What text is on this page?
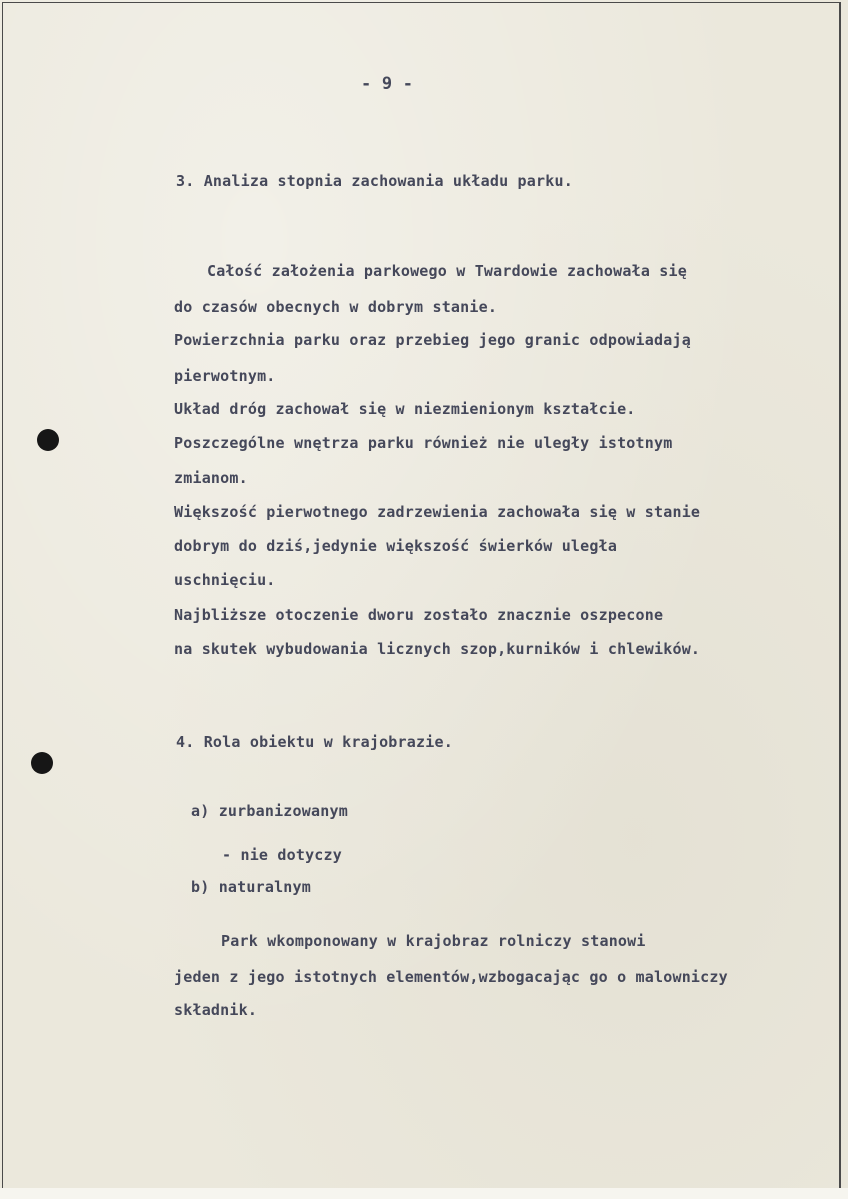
- 9 -
3. Analiza stopnia zachowania układu parku.
Całość założenia parkowego w Twardowie zachowała się
do czasów obecnych w dobrym stanie.
Powierzchnia parku oraz przebieg jego granic odpowiadają
pierwotnym.
Układ dróg zachował się w niezmienionym kształcie.
Poszczególne wnętrza parku również nie uległy istotnym
zmianom.
Większość pierwotnego zadrzewienia zachowała się w stanie
dobrym do dziś,jedynie większość świerków uległa
uschnięciu.
Najbliższe otoczenie dworu zostało znacznie oszpecone
na skutek wybudowania licznych szop,kurników i chlewików.
4. Rola obiektu w krajobrazie.
a) zurbanizowanym
- nie dotyczy
b) naturalnym
Park wkomponowany w krajobraz rolniczy stanowi
jeden z jego istotnych elementów,wzbogacając go o malowniczy
składnik.
